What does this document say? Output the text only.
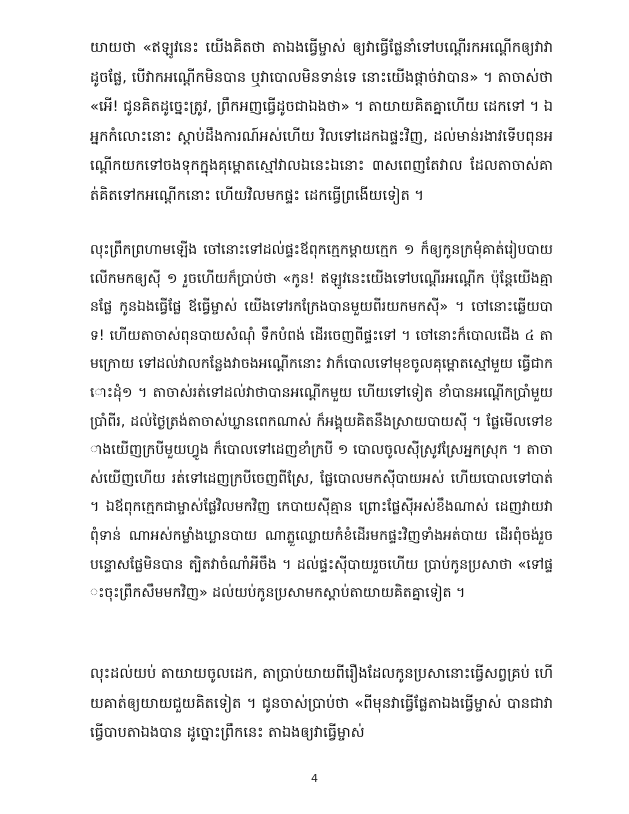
យាយថា «ឥឡូវនេះ យើងគិតថា តាឯងធ្វើម្ចាស់ ឲ្យវាធ្វើផ្លែនាំទៅបណ្ដើរកអណ្ដើកឲ្យវាវាដូចផ្លែ, បើវាកអណ្ដើកមិនបាន ឬវាបោលមិនទាន់ទេ នោះយើងផ្ដាច់វាបាន» ។ តាចាស់ថា «អើ! ជូនគិតដូច្នេះត្រូវ, ព្រឹកអញធ្វើដូចជាឯងថា» ។ តាយាយគិតគ្នាហើយ ដេកទៅ ។ ឯអ្នកកំលោះនោះ ស្ដាប់ដឹងការណ៍អស់ហើយ វិលទៅដេកឯផ្ទះវិញ, ដល់មាន់រងាវទើបពុនអណ្ដើកយកទៅចងទុកក្នុងគុម្ពោតស្មៅវាលឯនេះឯនោះ ៣សពេញតែវាល ដែលតាចាស់គាត់គិតទៅកអណ្ដើកនោះ ហើយវិលមកផ្ទះ ដេកធ្វើព្រងើយទៀត ។

លុះព្រឹកព្រហាមឡើង ចៅនោះទៅដល់ផ្ទះឪពុកក្មេកម្ដាយក្មេក ១ ក៏ឲ្យកូនក្រមុំគាត់រៀបបាយលើកមកឲ្យស៊ី ១ រួចហើយក៏ប្រាប់ថា «កូន! ឥឡូវនេះយើងទៅបណ្ដើរអណ្ដើក ប៉ុន្តែយើងគ្មានផ្លែ កូនឯងធ្វើផ្លែ ឪធ្វើម្ចាស់ យើងទៅរកក្រែងបានមួយពីរយកមកស៊ី» ។ ចៅនោះឆ្លើយបាទ! ហើយតាចាស់ពុនបាយសំណុំ ទឹកបំពង់ ដើរចេញពីផ្ទះទៅ ។ ចៅនោះក៏បោលជើង ៤ តាមក្រោយ ទៅដល់វាលកន្លែងវាចងអណ្ដើកនោះ វាក៏បោលទៅមុខចូលគុម្ពោតស្មៅមួយ ធ្វើជាកោះដុំ១ ។ តាចាស់រត់ទៅដល់វាថាបានអណ្ដើកមួយ ហើយទៅទៀត ខាំបានអណ្ដើកប្រាំមួយប្រាំពីរ, ដល់ថ្ងៃត្រង់តាចាស់ឃ្លានពេកណាស់ ក៏អង្គុយគិតនឹងស្រាយបាយស៊ី ។ ផ្លែមើលទៅខាងយើញក្របីមួយហ្វូង ក៏បោលទៅដេញខាំក្របី ១ បោលចូលស៊ីស្រូវស្រែអ្នកស្រុក ។ តាចាស់យើញហើយ រត់ទៅដេញក្របីចេញពីស្រែ, ផ្លែបោលមកស៊ីបាយអស់ ហើយបោលទៅបាត់ ។ ឯឪពុកក្មេកជាម្ចាស់ផ្លែវិលមកវិញ កេបាយស៊ីគ្មាន ព្រោះផ្លែស៊ីអស់ខឹងណាស់ ដេញវាយវាពុំទាន់ ណាអស់កម្លាំងឃ្លានបាយ ណាភ្លួឈ្លោយកំខំដើរមកផ្ទះវិញទាំងអត់បាយ ដើរពុំចង់រួច បន្ទោសផ្លែមិនបាន ត្បិតវាចំណាំអីចឹង ។ ដល់ផ្ទះស៊ីបាយរួចហើយ ប្រាប់កូនប្រសាថា «ទៅផ្ទះចុះព្រឹកសឹមមកវិញ» ដល់យប់កូនប្រសាមកស្ដាប់តាយាយគិតគ្នាទៀត ។

លុះដល់យប់ តាយាយចូលដេក, តាប្រាប់យាយពីរឿងដែលកូនប្រសានោះធ្វើសព្វគ្រប់ ហើយគាត់ឲ្យយាយជួយគិតទៀត ។ ជូនចាស់ប្រាប់ថា «ពីមុនវាធ្វើផ្លែតាឯងធ្វើម្ចាស់ បានជាវាធ្វើបាបតាឯងបាន ដូច្នោះព្រឹកនេះ តាឯងឲ្យវាធ្វើម្ចាស់

4
